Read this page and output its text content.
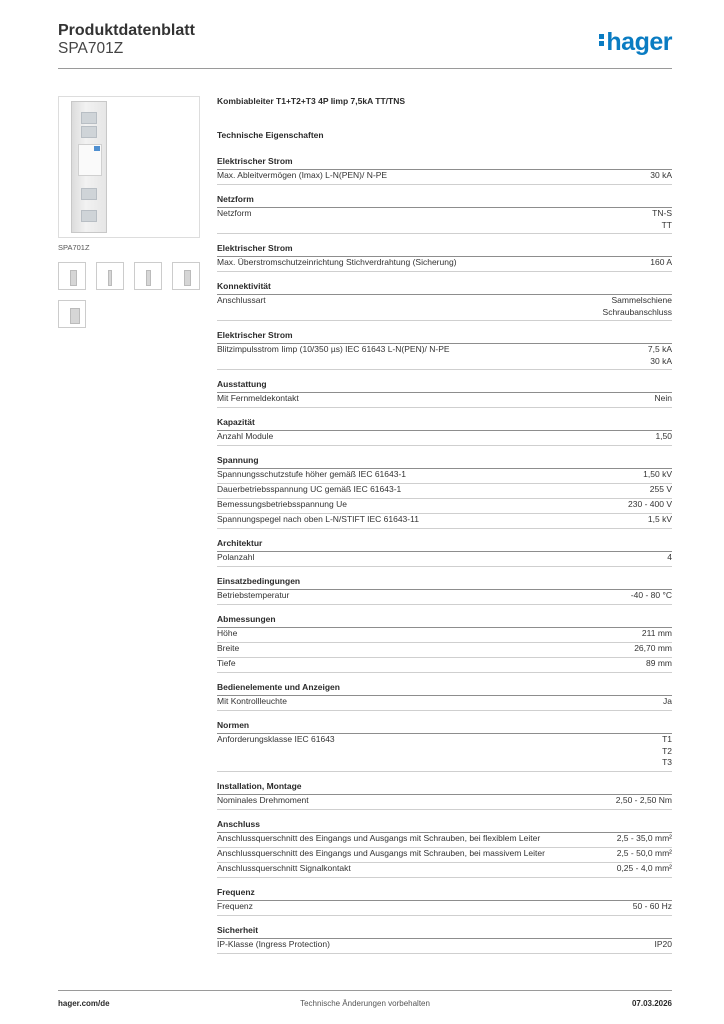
Produktdatenblatt
SPA701Z	hager
SPA701Z
Kombiableiter T1+T2+T3 4P Iimp 7,5kA TT/TNS
Technische Eigenschaften
Elektrischer Strom
Max. Ableitvermögen (Imax) L-N(PEN)/ N-PE	30 kA
Netzform
Netzform	TN-S
TT
Elektrischer Strom
Max. Überstromschutzeinrichtung Stichverdrahtung (Sicherung)	160 A
Konnektivität
Anschlussart	Sammelschiene
Schraubanschluss
Elektrischer Strom
Blitzimpulsstrom Iimp (10/350 µs) IEC 61643 L-N(PEN)/ N-PE	7,5 kA
30 kA
Ausstattung
Mit Fernmeldekontakt	Nein
Kapazität
Anzahl Module	1,50
Spannung
Spannungsschutzstufe höher gemäß IEC 61643-1	1,50 kV
Dauerbetriebsspannung UC gemäß IEC 61643-1	255 V
Bemessungsbetriebsspannung Ue	230 - 400 V
Spannungspegel nach oben L-N/STIFT IEC 61643-11	1,5 kV
Architektur
Polanzahl	4
Einsatzbedingungen
Betriebstemperatur	-40 - 80 °C
Abmessungen
Höhe	211 mm
Breite	26,70 mm
Tiefe	89 mm
Bedienelemente und Anzeigen
Mit Kontrollleuchte	Ja
Normen
Anforderungsklasse IEC 61643	T1
T2
T3
Installation, Montage
Nominales Drehmoment	2,50 - 2,50 Nm
Anschluss
Anschlussquerschnitt des Eingangs und Ausgangs mit Schrauben, bei flexiblem Leiter	2,5 - 35,0 mm²
Anschlussquerschnitt des Eingangs und Ausgangs mit Schrauben, bei massivem Leiter	2,5 - 50,0 mm²
Anschlussquerschnitt Signalkontakt	0,25 - 4,0 mm²
Frequenz
Frequenz	50 - 60 Hz
Sicherheit
IP-Klasse (Ingress Protection)	IP20
hager.com/de	Technische Änderungen vorbehalten	07.03.2026
